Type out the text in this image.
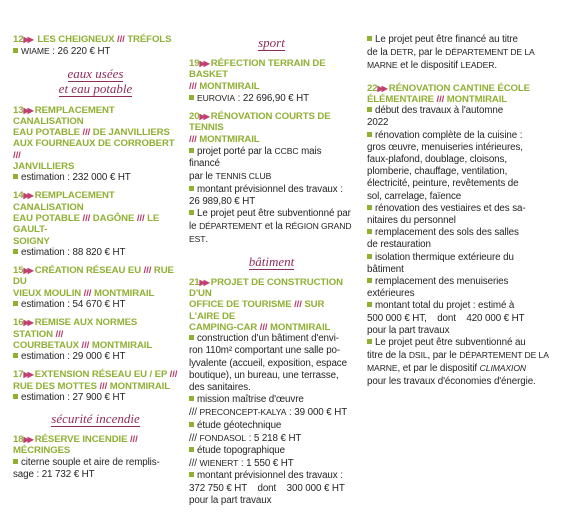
12▶▶ LES CHEIGNEUX /// TRÉFOLS
WIAME : 26 220 € HT
eaux usées
et eau potable
13▶▶ REMPLACEMENT CANALISATION
EAU POTABLE /// DE JANVILLIERS
AUX FOURNEAUX DE CORROBERT ///
JANVILLIERS
estimation : 232 000 € HT
14▶▶ REMPLACEMENT CANALISATION
EAU POTABLE /// DAGÔNE /// LE GAULT-
SOIGNY
estimation : 88 820 € HT
15▶▶ CRÉATION RÉSEAU EU /// RUE DU
VIEUX MOULIN /// MONTMIRAIL
estimation : 54 670 € HT
16▶▶ REMISE AUX NORMES STATION ///
COURBETAUX /// MONTMIRAIL
estimation : 29 000 € HT
17▶▶ EXTENSION RÉSEAU EU / EP ///
RUE DES MOTTES /// MONTMIRAIL
estimation : 27 900 € HT
sécurité incendie
18▶▶ RÉSERVE INCENDIE /// MÉCRINGES
citerne souple et aire de remplis-
sage : 21 732 € HT
sport
19▶▶ RÉFECTION TERRAIN DE BASKET
/// MONTMIRAIL
EUROVIA : 22 696,90 € HT
20▶▶ RÉNOVATION COURTS DE TENNIS
/// MONTMIRAIL
projet porté par la CCBC mais financé
par le TENNIS CLUB
montant prévisionnel des travaux :
26 989,80 € HT
Le projet peut être subventionné par
le DÉPARTEMENT et la RÉGION GRAND EST.
bâtiment
21▶▶ PROJET DE CONSTRUCTION D'UN
OFFICE DE TOURISME /// SUR L'AIRE DE
CAMPING-CAR /// MONTMIRAIL
construction d'un bâtiment d'envi-
ron 110m² comportant une salle po-
lyvalente (accueil, exposition, espace
boutique), un bureau, une terrasse,
des sanitaires.
mission maîtrise d'œuvre
/// PRECONCEPT-KALYA : 39 000 € HT
étude géotechnique
/// FONDASOL : 5 218 € HT
étude topographique
/// WIENERT : 1 550 € HT
montant prévisionnel des travaux :
372 750 € HT    dont    300 000 € HT
pour la part travaux
Le projet peut être financé au titre
de la DETR, par le DÉPARTEMENT DE LA
MARNE et le dispositif LEADER.
22▶▶ RÉNOVATION CANTINE ÉCOLE
ÉLÉMENTAIRE /// MONTMIRAIL
début des travaux à l'automne
2022
rénovation complète de la cuisine :
gros œuvre, menuiseries intérieures,
faux-plafond, doublage, cloisons,
plomberie, chauffage, ventilation,
électricité, peinture, revêtements de
sol, carrelage, faïence
rénovation des vestiaires et des sa-
nitaires du personnel
remplacement des sols des salles
de restauration
isolation thermique extérieure du
bâtiment
remplacement des menuiseries
extérieures
montant total du projet : estimé à
500 000 € HT,    dont    420 000 € HT
pour la part travaux
Le projet peut être subventionné au
titre de la DSIL, par le DÉPARTEMENT DE LA
MARNE, et par le dispositif CLIMAXION
pour les travaux d'économies d'énergie.
